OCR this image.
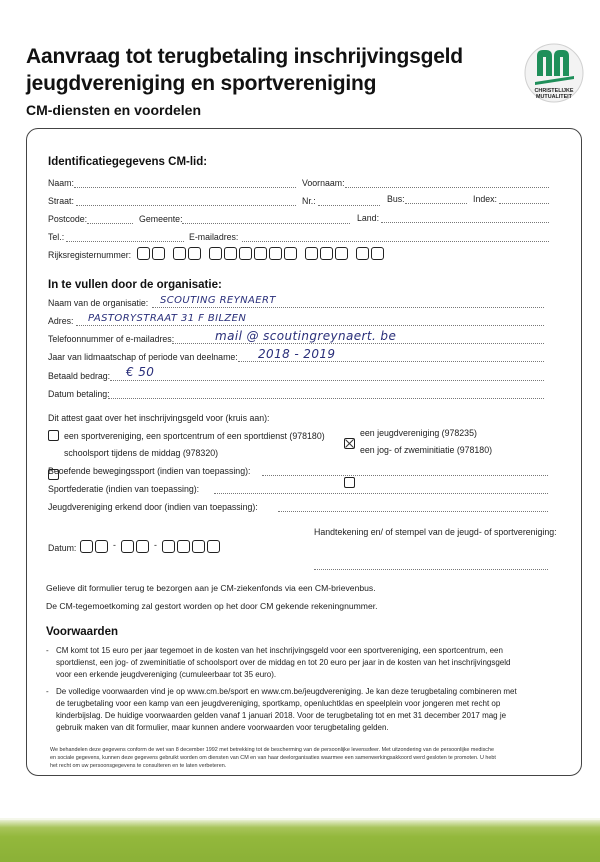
Aanvraag tot terugbetaling inschrijvingsgeld
jeugdvereniging en sportvereniging
CM-diensten en voordelen
CHRISTELIJKE
MUTUALITEIT
Identificatiegegevens CM-lid:
Naam:	Voornaam:
Straat:	Nr.:	Bus:	Index:
Postcode:	Gemeente:	Land:
Tel.:	E-mailadres:
Rijksregisternummer:
In te vullen door de organisatie:
Naam van de organisatie: SCOUTING REYNAERT
Adres: PASTORYSTRAAT 31 F BILZEN
Telefoonnummer of e-mailadres:	mail @ scoutingreynaert. be
Jaar van lidmaatschap of periode van deelname: 2018 - 2019
Betaald bedrag: € 50
Datum betaling:
Dit attest gaat over het inschrijvingsgeld voor (kruis aan):
een sportvereniging, een sportcentrum of een sportdienst (978180)	een jeugdvereniging (978235)
schoolsport tijdens de middag (978320)	een jog- of zweminitiatie (978180)
Beoefende bewegingssport (indien van toepassing):
Sportfederatie (indien van toepassing):
Jeugdvereniging erkend door (indien van toepassing):
Handtekening en/ of stempel van de jeugd- of sportvereniging:
Datum:	-	-
Gelieve dit formulier terug te bezorgen aan je CM-ziekenfonds via een CM-brievenbus.
De CM-tegemoetkoming zal gestort worden op het door CM gekende rekeningnummer.
Voorwaarden
- CM komt tot 15 euro per jaar tegemoet in de kosten van het inschrijvingsgeld voor een sportvereniging, een sportcentrum, een
sportdienst, een jog- of zweminitiatie of schoolsport over de middag en tot 20 euro per jaar in de kosten van het inschrijvingsgeld
voor een erkende jeugdvereniging (cumuleerbaar tot 35 euro).
- De volledige voorwaarden vind je op www.cm.be/sport en www.cm.be/jeugdvereniging. Je kan deze terugbetaling combineren met
de terugbetaling voor een kamp van een jeugdvereniging, sportkamp, openluchtklas en speelplein voor jongeren met recht op
kinderbijslag. De huidige voorwaarden gelden vanaf 1 januari 2018. Voor de terugbetaling tot en met 31 december 2017 mag je
gebruik maken van dit formulier, maar kunnen andere voorwaarden voor terugbetaling gelden.
We behandelen deze gegevens conform de wet van 8 december 1992 met betrekking tot de bescherming van de persoonlijke levenssfeer. Met uitzondering van de persoonlijke medische
en sociale gegevens, kunnen deze gegevens gebruikt worden om diensten van CM en van haar deelorganisaties waarmee een samenwerkingsakkoord werd gesloten te promoten. U hebt
het recht om uw persoonsgegevens te consulteren en te laten verbeteren.
